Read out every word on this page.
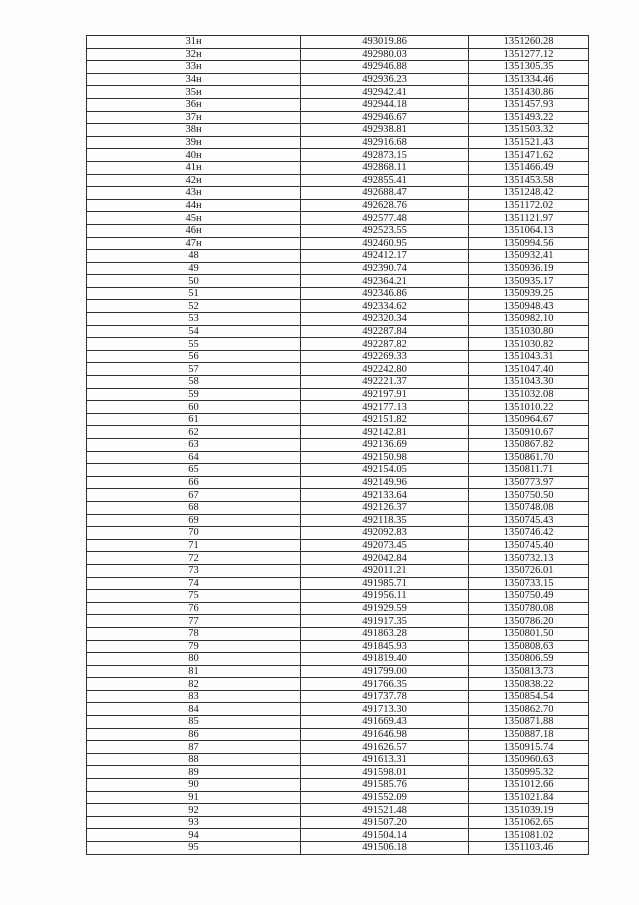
31н	493019.86	1351260.28
32н	492980.03	1351277.12
33н	492946.88	1351305.35
34н	492936.23	1351334.46
35н	492942.41	1351430.86
36н	492944.18	1351457.93
37н	492946.67	1351493.22
38н	492938.81	1351503.32
39н	492916.68	1351521.43
40н	492873.15	1351471.62
41н	492868.11	1351466.49
42н	492855.41	1351453.58
43н	492688.47	1351248.42
44н	492628.76	1351172.02
45н	492577.48	1351121.97
46н	492523.55	1351064.13
47н	492460.95	1350994.56
48	492412.17	1350932.41
49	492390.74	1350936.19
50	492364.21	1350935.17
51	492346.86	1350939.25
52	492334.62	1350948.43
53	492320.34	1350982.10
54	492287.84	1351030.80
55	492287.82	1351030.82
56	492269.33	1351043.31
57	492242.80	1351047.40
58	492221.37	1351043.30
59	492197.91	1351032.08
60	492177.13	1351010.22
61	492151.82	1350964.67
62	492142.81	1350910.67
63	492136.69	1350867.82
64	492150.98	1350861.70
65	492154.05	1350811.71
66	492149.96	1350773.97
67	492133.64	1350750.50
68	492126.37	1350748.08
69	492118.35	1350745.43
70	492092.83	1350746.42
71	492073.45	1350745.40
72	492042.84	1350732.13
73	492011.21	1350726.01
74	491985.71	1350733.15
75	491956.11	1350750.49
76	491929.59	1350780.08
77	491917.35	1350786.20
78	491863.28	1350801.50
79	491845.93	1350808.63
80	491819.40	1350806.59
81	491799.00	1350813.73
82	491766.35	1350838.22
83	491737.78	1350854.54
84	491713.30	1350862.70
85	491669.43	1350871.88
86	491646.98	1350887.18
87	491626.57	1350915.74
88	491613.31	1350960.63
89	491598.01	1350995.32
90	491585.76	1351012.66
91	491552.09	1351021.84
92	491521.48	1351039.19
93	491507.20	1351062.65
94	491504.14	1351081.02
95	491506.18	1351103.46
